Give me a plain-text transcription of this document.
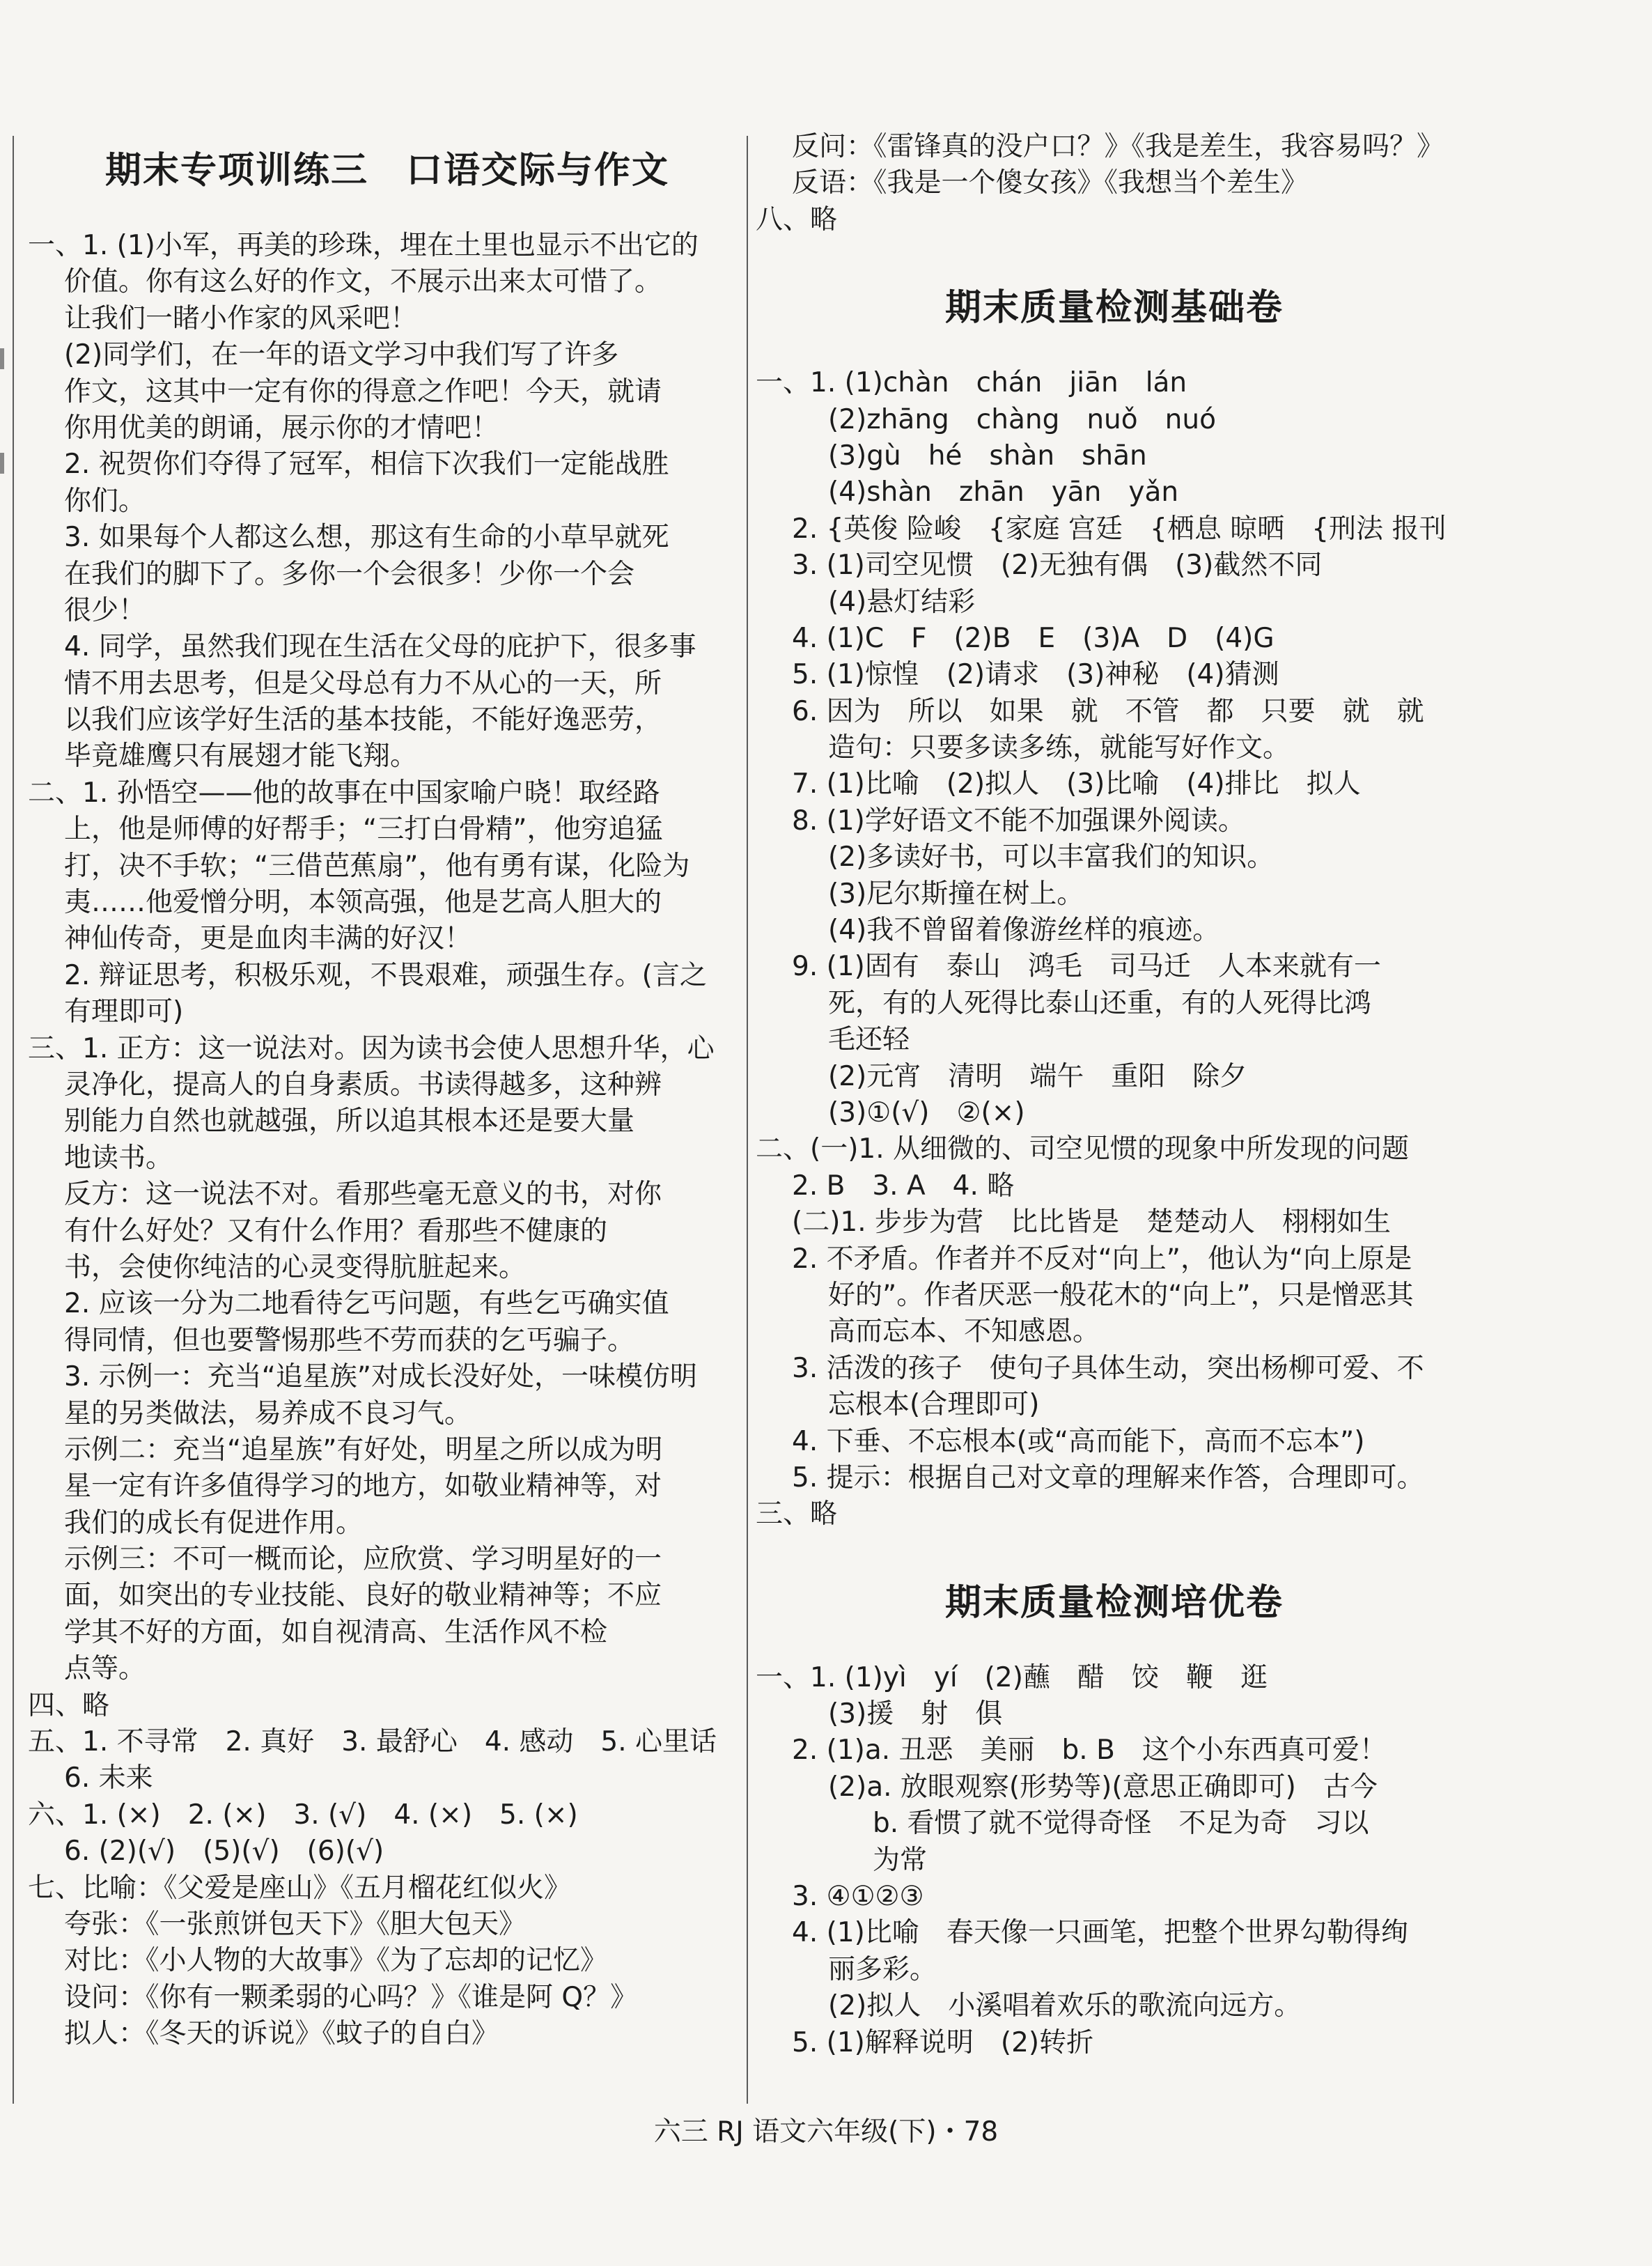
期末专项训练三　口语交际与作文
一、1. (1)小军，再美的珍珠，埋在土里也显示不出它的
价值。你有这么好的作文，不展示出来太可惜了。
让我们一睹小作家的风采吧！
(2)同学们，在一年的语文学习中我们写了许多
作文，这其中一定有你的得意之作吧！今天，就请
你用优美的朗诵，展示你的才情吧！
2. 祝贺你们夺得了冠军，相信下次我们一定能战胜
你们。
3. 如果每个人都这么想，那这有生命的小草早就死
在我们的脚下了。多你一个会很多！少你一个会
很少！
4. 同学，虽然我们现在生活在父母的庇护下，很多事
情不用去思考，但是父母总有力不从心的一天，所
以我们应该学好生活的基本技能，不能好逸恶劳，
毕竟雄鹰只有展翅才能飞翔。
二、1. 孙悟空——他的故事在中国家喻户晓！取经路
上，他是师傅的好帮手；“三打白骨精”，他穷追猛
打，决不手软；“三借芭蕉扇”，他有勇有谋，化险为
夷……他爱憎分明，本领高强，他是艺高人胆大的
神仙传奇，更是血肉丰满的好汉！
2. 辩证思考，积极乐观，不畏艰难，顽强生存。(言之
有理即可)
三、1. 正方：这一说法对。因为读书会使人思想升华，心
灵净化，提高人的自身素质。书读得越多，这种辨
别能力自然也就越强，所以追其根本还是要大量
地读书。
反方：这一说法不对。看那些毫无意义的书，对你
有什么好处？又有什么作用？看那些不健康的
书，会使你纯洁的心灵变得肮脏起来。
2. 应该一分为二地看待乞丐问题，有些乞丐确实值
得同情，但也要警惕那些不劳而获的乞丐骗子。
3. 示例一：充当“追星族”对成长没好处，一味模仿明
星的另类做法，易养成不良习气。
示例二：充当“追星族”有好处，明星之所以成为明
星一定有许多值得学习的地方，如敬业精神等，对
我们的成长有促进作用。
示例三：不可一概而论，应欣赏、学习明星好的一
面，如突出的专业技能、良好的敬业精神等；不应
学其不好的方面，如自视清高、生活作风不检
点等。
四、略
五、1. 不寻常　2. 真好　3. 最舒心　4. 感动　5. 心里话
6. 未来
六、1. (×)　2. (×)　3. (√)　4. (×)　5. (×)
6. (2)(√)　(5)(√)　(6)(√)
七、比喻：《父爱是座山》《五月榴花红似火》
夸张：《一张煎饼包天下》《胆大包天》
对比：《小人物的大故事》《为了忘却的记忆》
设问：《你有一颗柔弱的心吗？》《谁是阿 Q？》
拟人：《冬天的诉说》《蚊子的自白》
反问：《雷锋真的没户口？》《我是差生，我容易吗？》
反语：《我是一个傻女孩》《我想当个差生》
八、略
期末质量检测基础卷
一、1. (1)chàn　chán　jiān　lán
(2)zhāng　chàng　nuǒ　nuó
(3)gù　hé　shàn　shān
(4)shàn　zhān　yān　yǎn
2. {英俊 险峻　{家庭 宫廷　{栖息 晾晒　{刑法 报刊
3. (1)司空见惯　(2)无独有偶　(3)截然不同
(4)悬灯结彩
4. (1)C　F　(2)B　E　(3)A　D　(4)G
5. (1)惊惶　(2)请求　(3)神秘　(4)猜测
6. 因为　所以　如果　就　不管　都　只要　就　就
造句：只要多读多练，就能写好作文。
7. (1)比喻　(2)拟人　(3)比喻　(4)排比　拟人
8. (1)学好语文不能不加强课外阅读。
(2)多读好书，可以丰富我们的知识。
(3)尼尔斯撞在树上。
(4)我不曾留着像游丝样的痕迹。
9. (1)固有　泰山　鸿毛　司马迁　人本来就有一
死，有的人死得比泰山还重，有的人死得比鸿
毛还轻
(2)元宵　清明　端午　重阳　除夕
(3)①(√)　②(×)
二、(一)1. 从细微的、司空见惯的现象中所发现的问题
2. B　3. A　4. 略
(二)1. 步步为营　比比皆是　楚楚动人　栩栩如生
2. 不矛盾。作者并不反对“向上”，他认为“向上原是
好的”。作者厌恶一般花木的“向上”，只是憎恶其
高而忘本、不知感恩。
3. 活泼的孩子　使句子具体生动，突出杨柳可爱、不
忘根本(合理即可)
4. 下垂、不忘根本(或“高而能下，高而不忘本”)
5. 提示：根据自己对文章的理解来作答，合理即可。
三、略
期末质量检测培优卷
一、1. (1)yì　yí　(2)蘸　醋　饺　鞭　逛
(3)援　射　俱
2. (1)a. 丑恶　美丽　b. B　这个小东西真可爱！
(2)a. 放眼观察(形势等)(意思正确即可)　古今
b. 看惯了就不觉得奇怪　不足为奇　习以
为常
3. ④①②③
4. (1)比喻　春天像一只画笔，把整个世界勾勒得绚
丽多彩。
(2)拟人　小溪唱着欢乐的歌流向远方。
5. (1)解释说明　(2)转折
六三 RJ 语文六年级(下)・78
